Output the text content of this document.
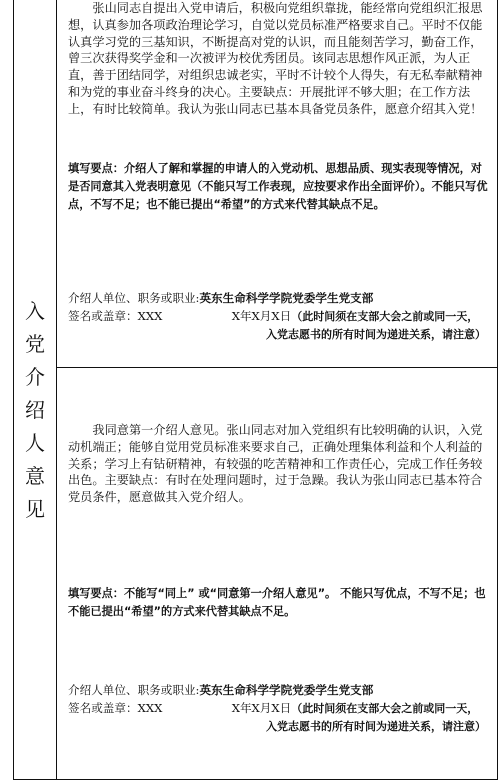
入
党
介
绍
人
意
见

张山同志自提出入党申请后，积极向党组织靠拢，能经常向党组织汇报思想，认真参加各项政治理论学习，自觉以党员标准严格要求自己。平时不仅能认真学习党的三基知识，不断提高对党的认识，而且能刻苦学习，勤奋工作，曾三次获得奖学金和一次被评为校优秀团员。该同志思想作风正派，为人正直，善于团结同学，对组织忠诚老实，平时不计较个人得失，有无私奉献精神和为党的事业奋斗终身的决心。主要缺点：开展批评不够大胆；在工作方法上，有时比较简单。我认为张山同志已基本具备党员条件，愿意介绍其入党！

填写要点：介绍人了解和掌握的申请人的入党动机、思想品质、现实表现等情况，对是否同意其入党表明意见（不能只写工作表现，应按要求作出全面评价）。不能只写优点，不写不足；也不能已提出“希望”的方式来代替其缺点不足。

介绍人单位、职务或职业:英东生命科学学院党委学生党支部
签名或盖章：XXX	X年X月X日（此时间须在支部大会之前或同一天，
入党志愿书的所有时间为递进关系，请注意）

我同意第一介绍人意见。张山同志对加入党组织有比较明确的认识，入党动机端正；能够自觉用党员标准来要求自己，正确处理集体利益和个人利益的关系；学习上有钻研精神，有较强的吃苦精神和工作责任心，完成工作任务较出色。主要缺点：有时在处理问题时，过于急躁。我认为张山同志已基本符合党员条件，愿意做其入党介绍人。

填写要点：不能写“同上” 或“同意第一介绍人意见”。 不能只写优点，不写不足；也不能已提出“希望”的方式来代替其缺点不足。

介绍人单位、职务或职业:英东生命科学学院党委学生党支部
签名或盖章：XXX	X年X月X日（此时间须在支部大会之前或同一天，
入党志愿书的所有时间为递进关系，请注意）
